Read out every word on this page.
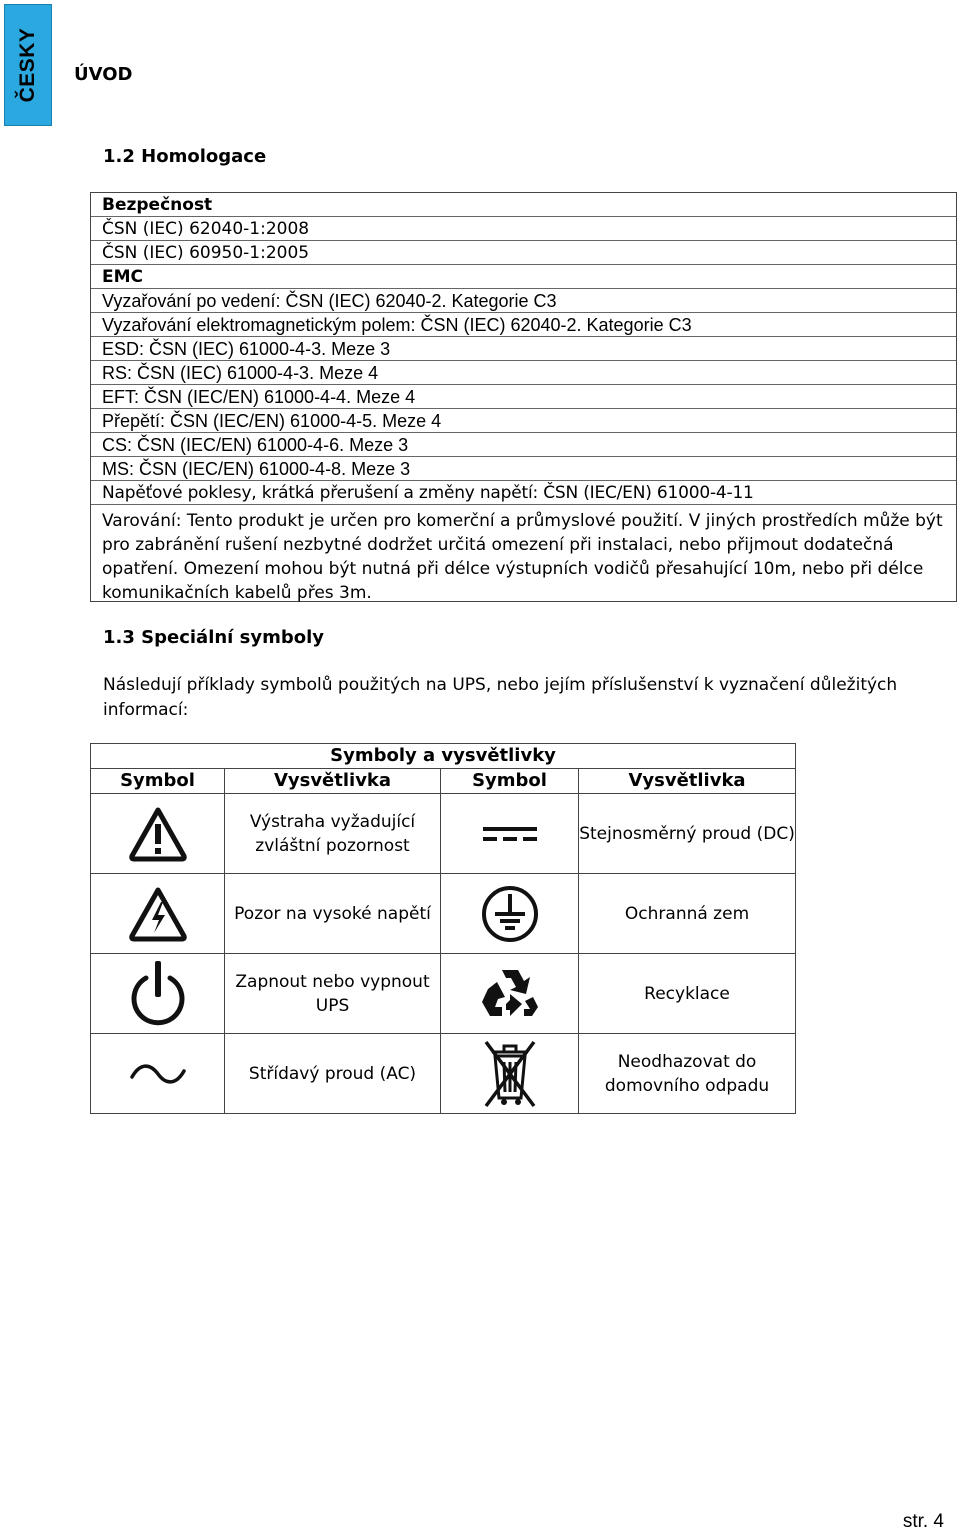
ČESKY ÚVOD
1.2 Homologace
Bezpečnost
ČSN (IEC) 62040-1:2008
ČSN (IEC) 60950-1:2005
EMC
Vyzařování po vedení: ČSN (IEC) 62040-2. Kategorie C3
Vyzařování elektromagnetickým polem: ČSN (IEC) 62040-2. Kategorie C3
ESD: ČSN (IEC) 61000-4-3. Meze 3
RS: ČSN (IEC) 61000-4-3. Meze 4
EFT: ČSN (IEC/EN) 61000-4-4. Meze 4
Přepětí: ČSN (IEC/EN) 61000-4-5. Meze 4
CS: ČSN (IEC/EN) 61000-4-6. Meze 3
MS: ČSN (IEC/EN) 61000-4-8. Meze 3
Napěťové poklesy, krátká přerušení a změny napětí: ČSN (IEC/EN) 61000-4-11
Varování: Tento produkt je určen pro komerční a průmyslové použití. V jiných prostředích může být pro zabránění rušení nezbytné dodržet určitá omezení při instalaci, nebo přijmout dodatečná opatření. Omezení mohou být nutná při délce výstupních vodičů přesahující 10m, nebo při délce komunikačních kabelů přes 3m.
1.3 Speciální symboly
Následují příklady symbolů použitých na UPS, nebo jejím příslušenství k vyznačení důležitých informací:
Symboly a vysvětlivky			
Symbol	Vysvětlivka	Symbol	Vysvětlivka

	Výstraha vyžadující zvláštní pozornost		Stejnosměrný proud (DC)

	Pozor na vysoké napětí		Ochranná zem

	Zapnout nebo vypnout UPS		Recyklace

	Střídavý proud (AC)		Neodhazovat do domovního odpadu
str. 4
